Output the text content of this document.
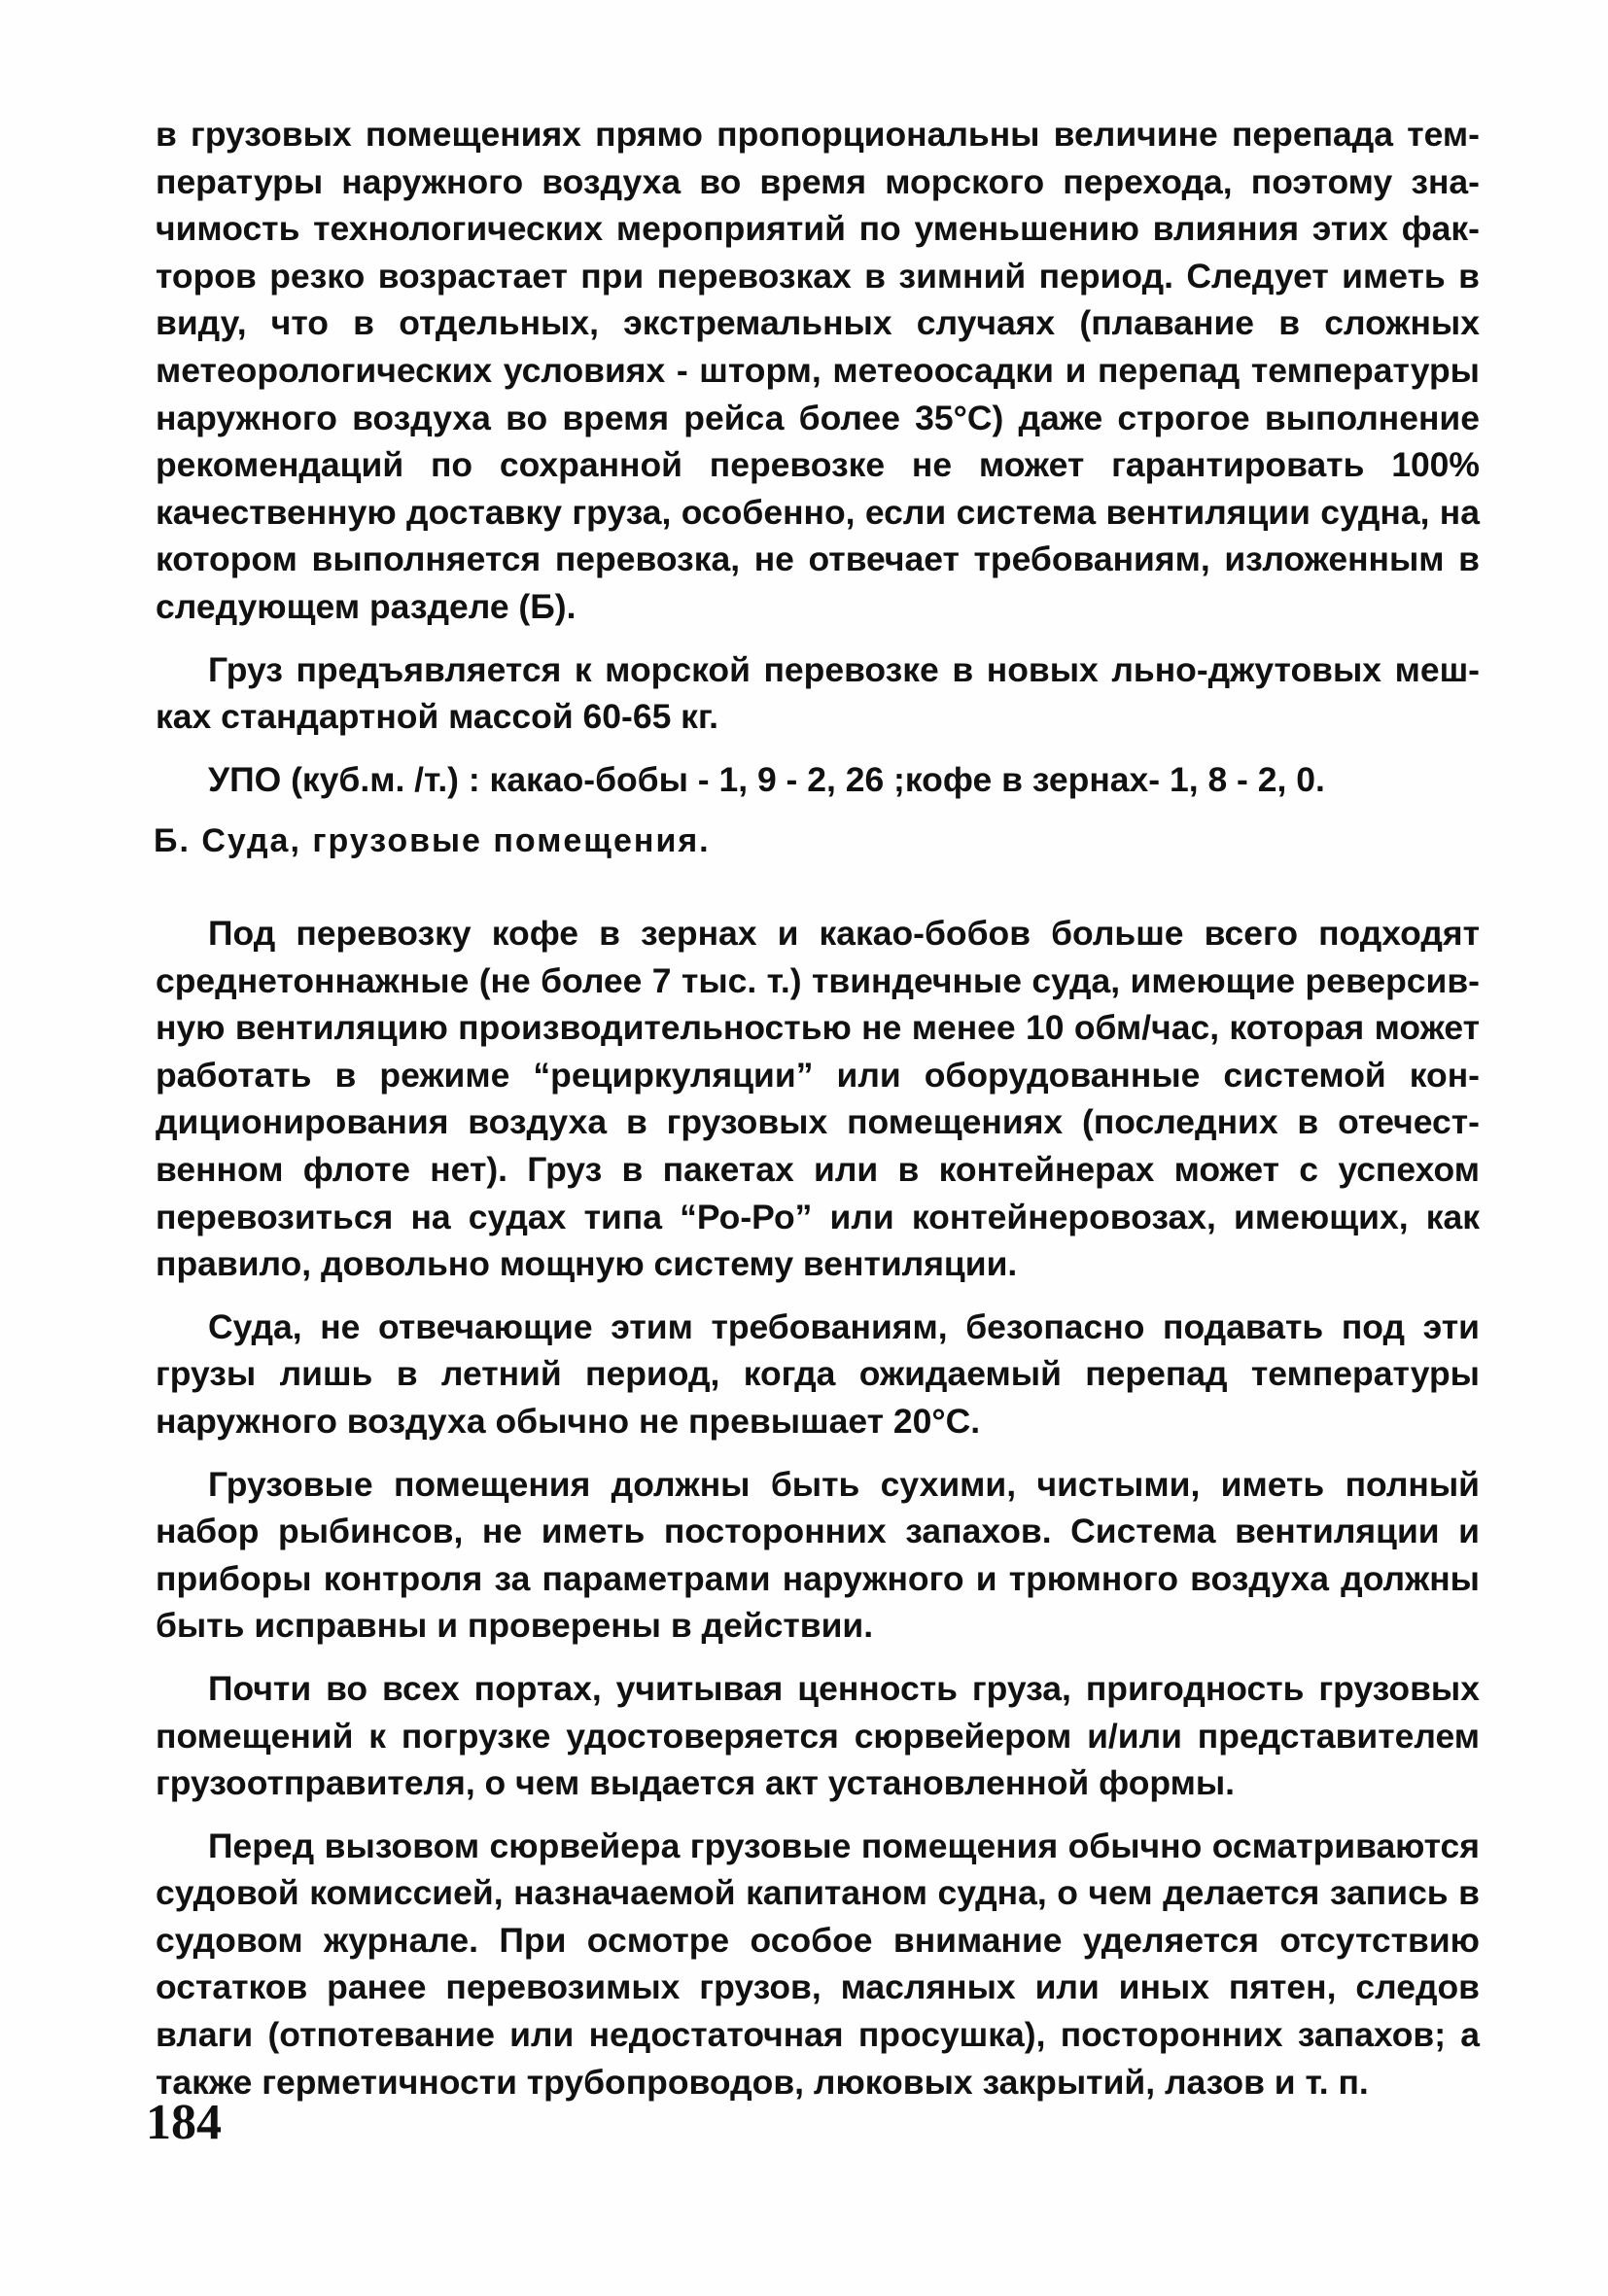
в грузовых помещениях прямо пропорциональны величине перепада температуры наружного воздуха во время морского перехода, поэтому значимость технологических мероприятий по уменьшению влияния этих факторов резко возрастает при перевозках в зимний период. Следует иметь в виду, что в отдельных, экстремальных случаях (плавание в сложных метеорологических условиях - шторм, метеоосадки и перепад температуры наружного воздуха во время рейса более 35°C) даже строгое выполнение рекомендаций по сохранной перевозке не может гарантировать 100% качественную доставку груза, особенно, если система вентиляции судна, на котором выполняется перевозка, не отвечает требованиям, изложенным в следующем разделе (Б).

Груз предъявляется к морской перевозке в новых льно-джутовых мешках стандартной массой 60-65 кг.

УПО (куб.м. /т.) : какао-бобы - 1, 9 - 2, 26 ;кофе в зернах- 1, 8 - 2, 0.

Б. Суда, грузовые помещения.

Под перевозку кофе в зернах и какао-бобов больше всего подходят среднетоннажные (не более 7 тыс. т.) твиндечные суда, имеющие реверсивную вентиляцию производительностью не менее 10 обм/час, которая может работать в режиме “рециркуляции” или оборудованные системой кондиционирования воздуха в грузовых помещениях (последних в отечественном флоте нет). Груз в пакетах или в контейнерах может с успехом перевозиться на судах типа “Ро-Ро” или контейнеровозах, имеющих, как правило, довольно мощную систему вентиляции.

Суда, не отвечающие этим требованиям, безопасно подавать под эти грузы лишь в летний период, когда ожидаемый перепад температуры наружного воздуха обычно не превышает 20°С.

Грузовые помещения должны быть сухими, чистыми, иметь полный набор рыбинсов, не иметь посторонних запахов. Система вентиляции и приборы контроля за параметрами наружного и трюмного воздуха должны быть исправны и проверены в действии.

Почти во всех портах, учитывая ценность груза, пригодность грузовых помещений к погрузке удостоверяется сюрвейером и/или представителем грузоотправителя, о чем выдается акт установленной формы.

Перед вызовом сюрвейера грузовые помещения обычно осматриваются судовой комиссией, назначаемой капитаном судна, о чем делается запись в судовом журнале. При осмотре особое внимание уделяется отсутствию остатков ранее перевозимых грузов, масляных или иных пятен, следов влаги (отпотевание или недостаточная просушка), посторонних запахов; а также герметичности трубопроводов, люковых закрытий, лазов и т. п.

184
